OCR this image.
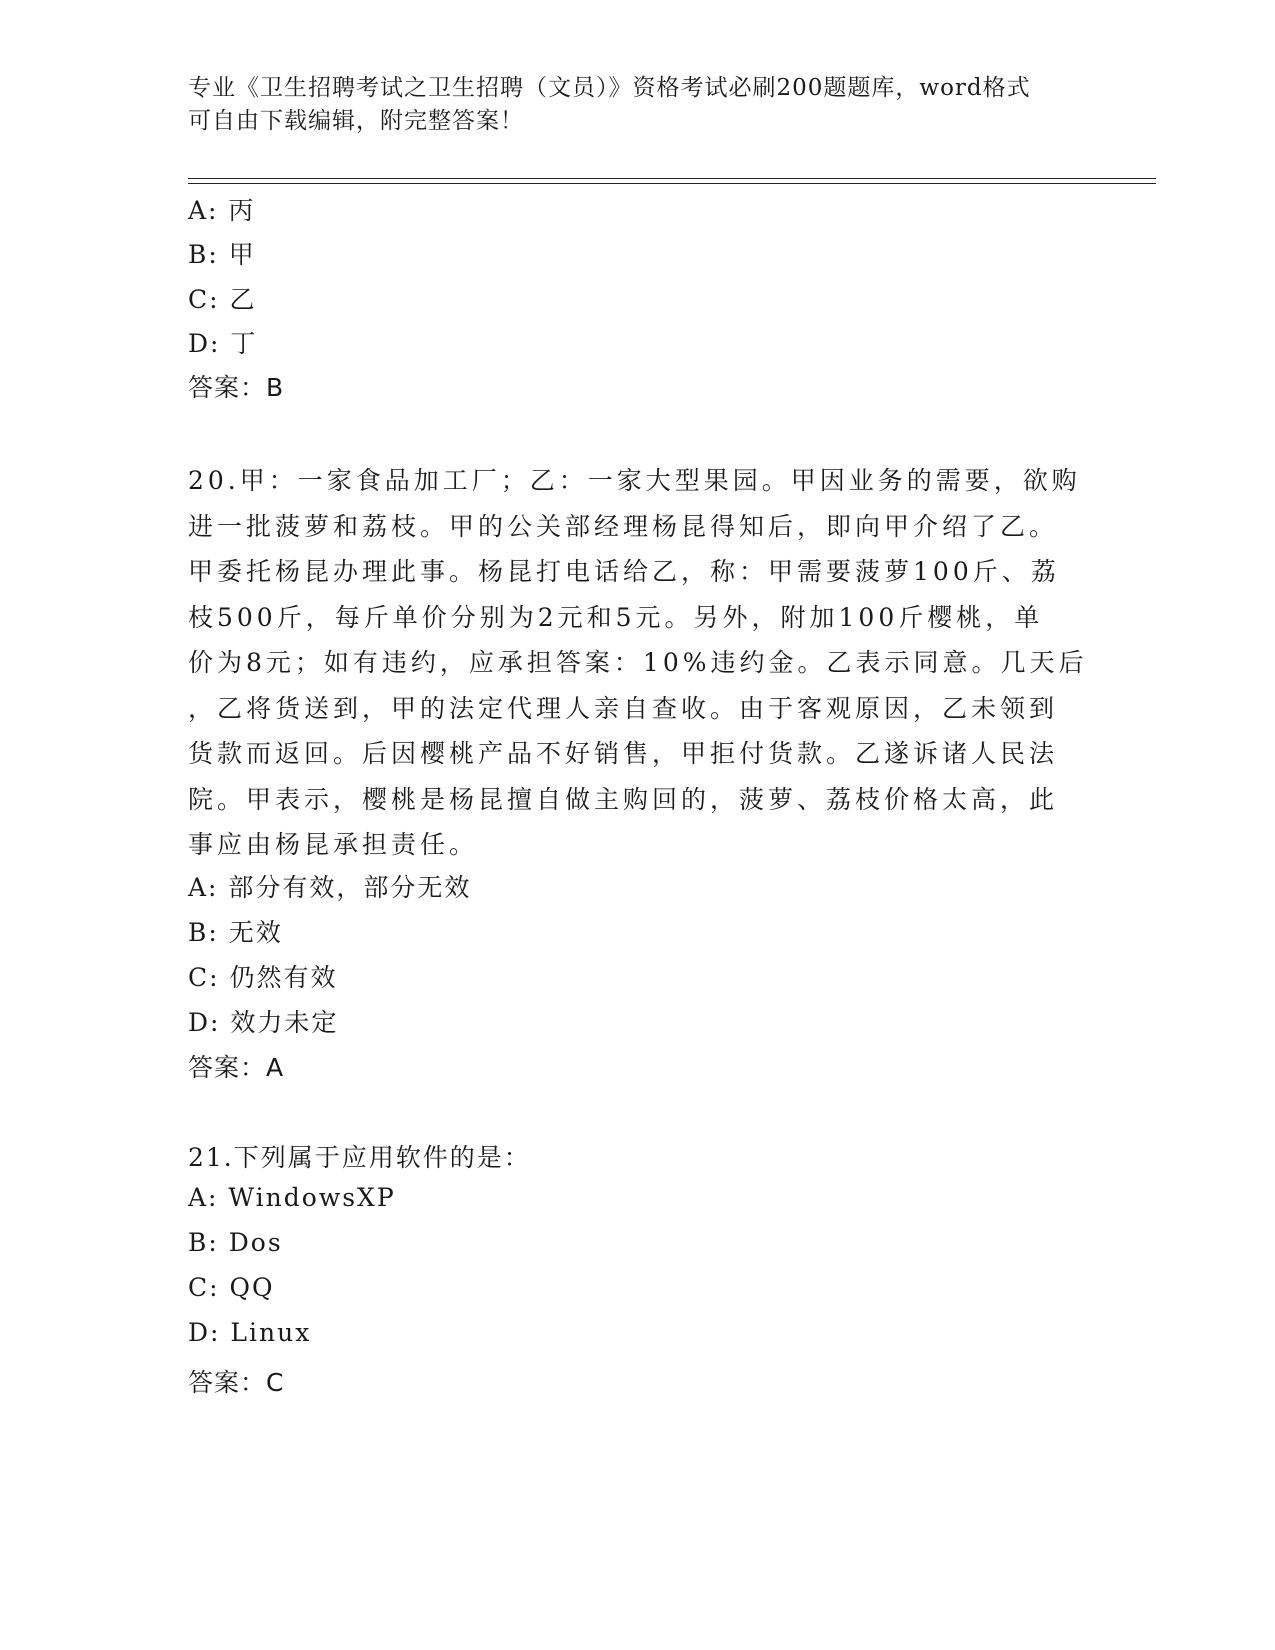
专业《卫生招聘考试之卫生招聘（文员）》资格考试必刷200题题库，word格式
可自由下载编辑，附完整答案！
A: 丙
B: 甲
C: 乙
D: 丁
答案：B
20.甲：一家食品加工厂；乙：一家大型果园。甲因业务的需要，欲购
进一批菠萝和荔枝。甲的公关部经理杨昆得知后，即向甲介绍了乙。
甲委托杨昆办理此事。杨昆打电话给乙，称：甲需要菠萝100斤、荔
枝500斤，每斤单价分别为2元和5元。另外，附加100斤樱桃，单
价为8元；如有违约，应承担答案：10%违约金。乙表示同意。几天后
，乙将货送到，甲的法定代理人亲自查收。由于客观原因，乙未领到
货款而返回。后因樱桃产品不好销售，甲拒付货款。乙遂诉诸人民法
院。甲表示，樱桃是杨昆擅自做主购回的，菠萝、荔枝价格太高，此
事应由杨昆承担责任。
A: 部分有效，部分无效
B: 无效
C: 仍然有效
D: 效力未定
答案：A
21.下列属于应用软件的是：
A: WindowsXP
B: Dos
C: QQ
D: Linux
答案：C
